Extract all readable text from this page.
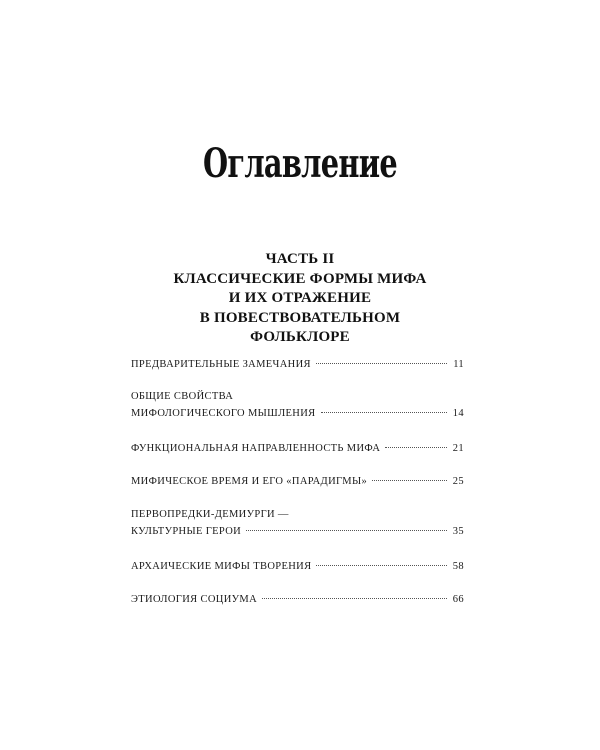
Оглавление
ЧАСТЬ II
КЛАССИЧЕСКИЕ ФОРМЫ МИФА
И ИХ ОТРАЖЕНИЕ
В ПОВЕСТВОВАТЕЛЬНОМ
ФОЛЬКЛОРЕ
ПРЕДВАРИТЕЛЬНЫЕ ЗАМЕЧАНИЯ	11
ОБЩИЕ СВОЙСТВА
МИФОЛОГИЧЕСКОГО МЫШЛЕНИЯ	14
ФУНКЦИОНАЛЬНАЯ НАПРАВЛЕННОСТЬ МИФА	21
МИФИЧЕСКОЕ ВРЕМЯ И ЕГО «ПАРАДИГМЫ»	25
ПЕРВОПРЕДКИ-ДЕМИУРГИ —
КУЛЬТУРНЫЕ ГЕРОИ	35
АРХАИЧЕСКИЕ МИФЫ ТВОРЕНИЯ	58
ЭТИОЛОГИЯ СОЦИУМА	66
